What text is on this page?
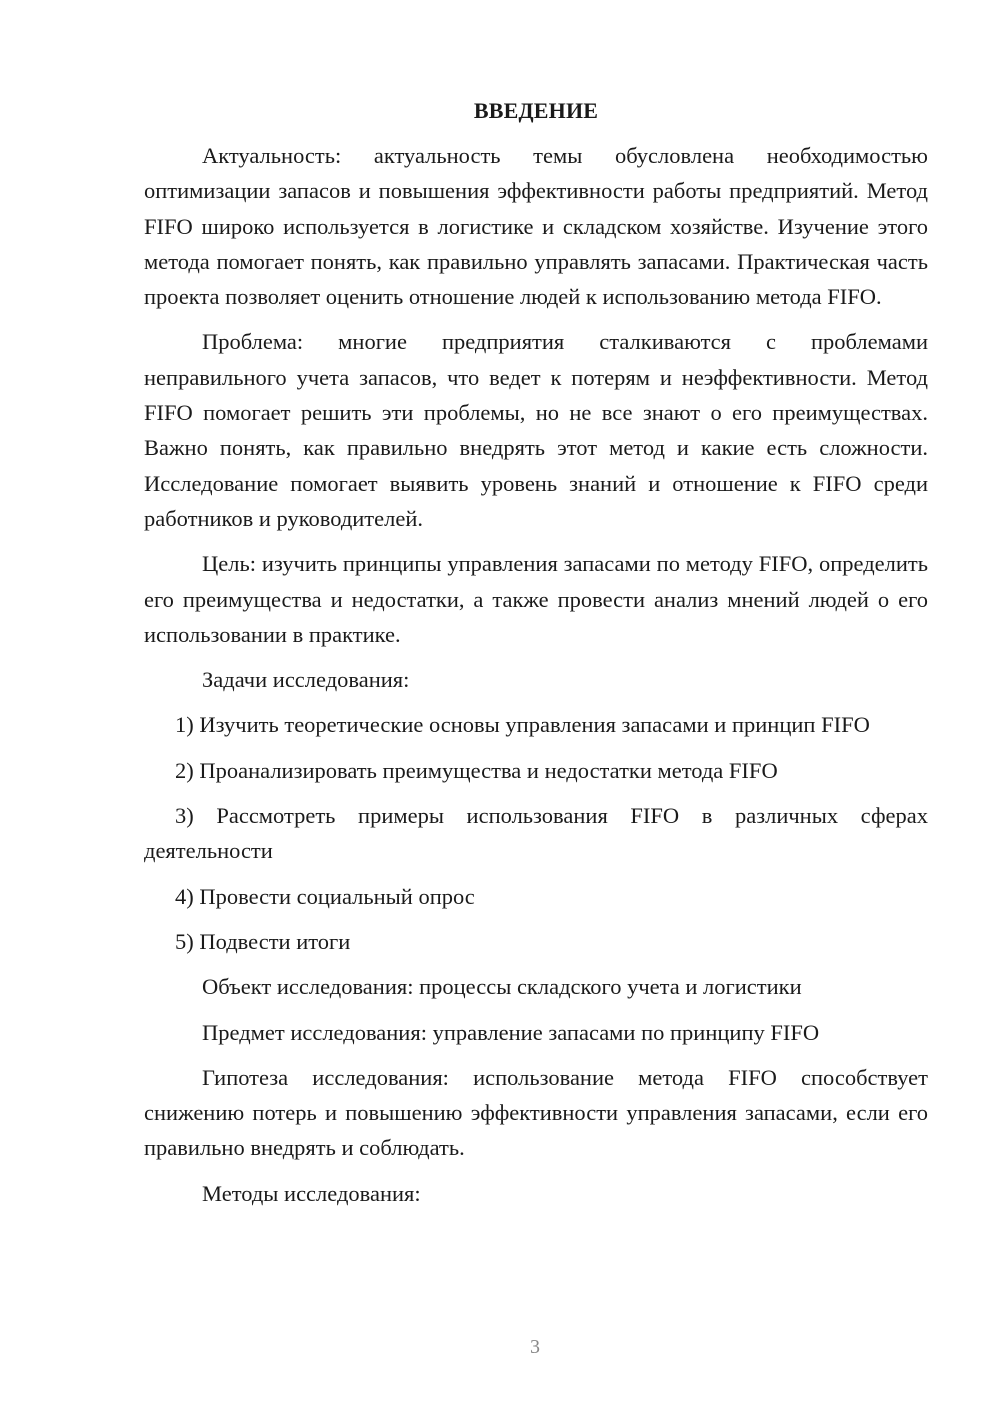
ВВЕДЕНИЕ

Актуальность: актуальность темы обусловлена необходимостью оптимизации запасов и повышения эффективности работы предприятий. Метод FIFO широко используется в логистике и складском хозяйстве. Изучение этого метода помогает понять, как правильно управлять запасами. Практическая часть проекта позволяет оценить отношение людей к использованию метода FIFO.

Проблема: многие предприятия сталкиваются с проблемами неправильного учета запасов, что ведет к потерям и неэффективности. Метод FIFO помогает решить эти проблемы, но не все знают о его преимуществах. Важно понять, как правильно внедрять этот метод и какие есть сложности. Исследование помогает выявить уровень знаний и отношение к FIFO среди работников и руководителей.

Цель: изучить принципы управления запасами по методу FIFO, определить его преимущества и недостатки, а также провести анализ мнений людей о его использовании в практике.

Задачи исследования:

1) Изучить теоретические основы управления запасами и принцип FIFO

2) Проанализировать преимущества и недостатки метода FIFO

3) Рассмотреть примеры использования FIFO в различных сферах деятельности

4) Провести социальный опрос

5) Подвести итоги

Объект исследования: процессы складского учета и логистики

Предмет исследования: управление запасами по принципу FIFO

Гипотеза исследования: использование метода FIFO способствует снижению потерь и повышению эффективности управления запасами, если его правильно внедрять и соблюдать.

Методы исследования:

3
